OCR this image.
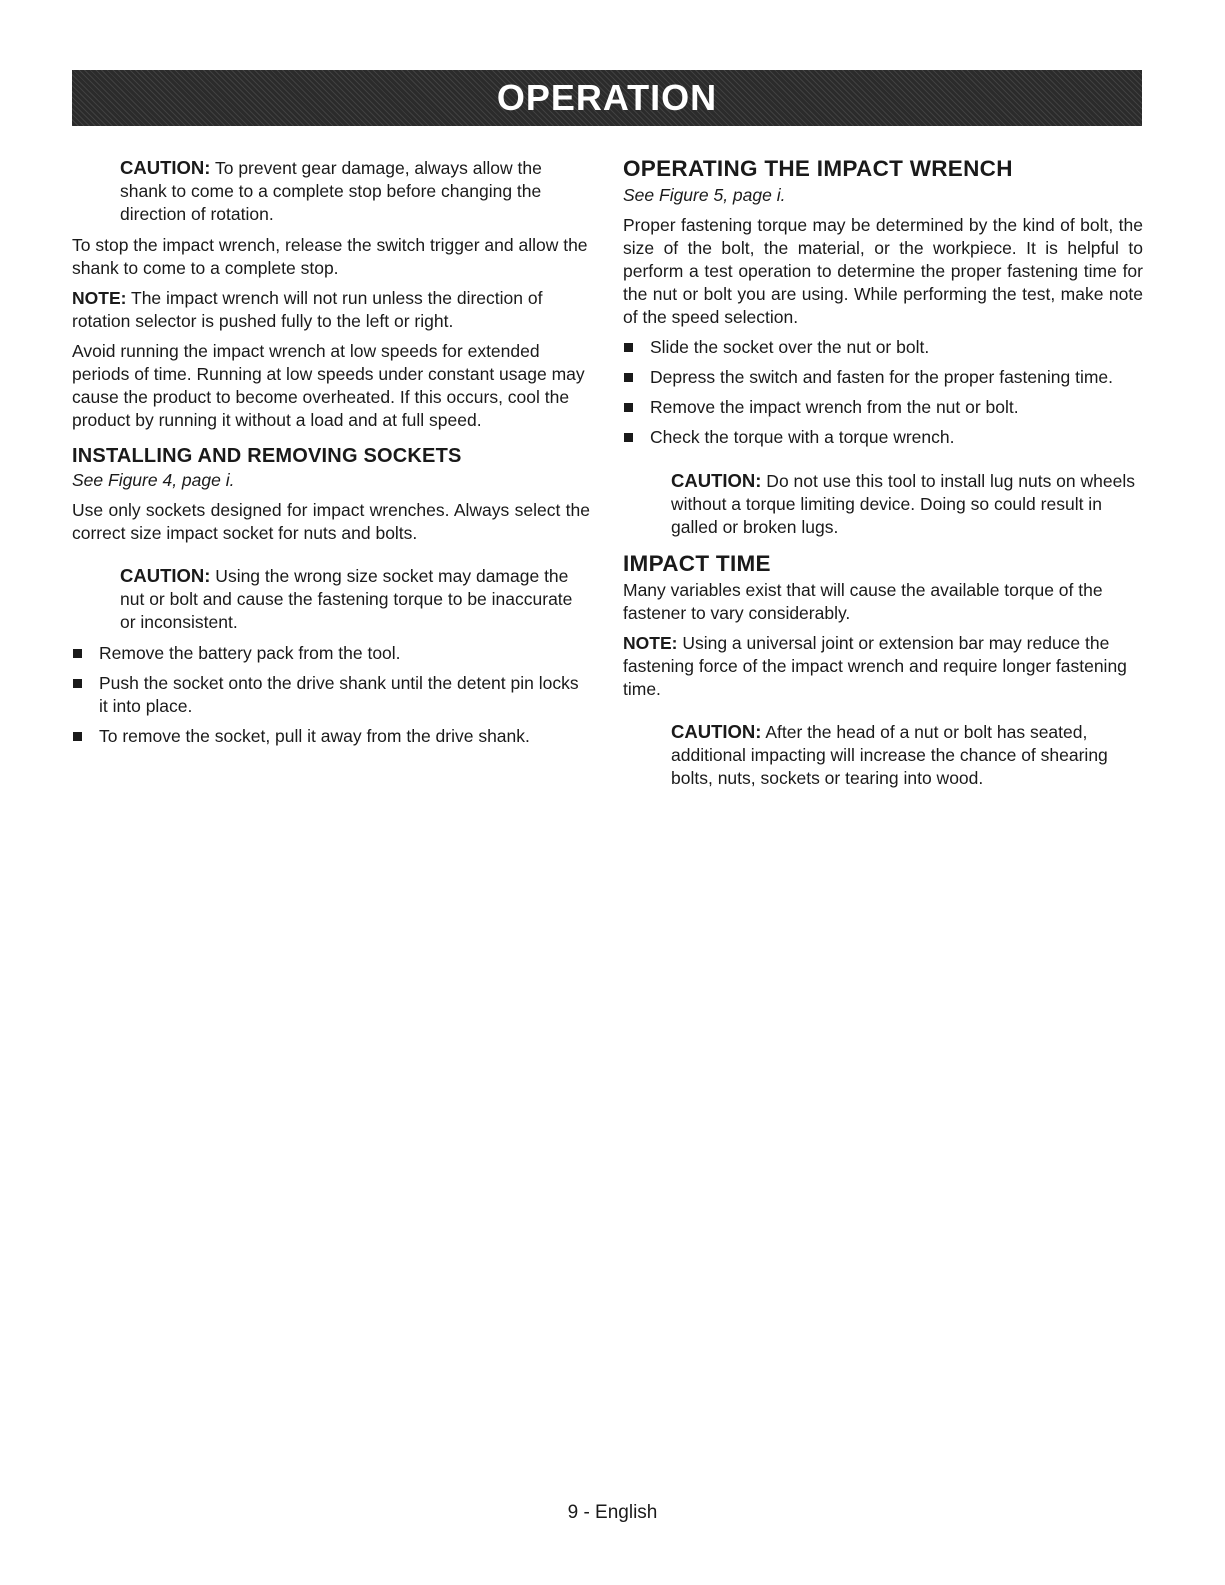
OPERATION

CAUTION: To prevent gear damage, always allow the shank to come to a complete stop before changing the direction of rotation.

To stop the impact wrench, release the switch trigger and allow the shank to come to a complete stop.

NOTE: The impact wrench will not run unless the direction of rotation selector is pushed fully to the left or right.

Avoid running the impact wrench at low speeds for extended periods of time. Running at low speeds under constant usage may cause the product to become overheated. If this occurs, cool the product by running it without a load and at full speed.

INSTALLING AND REMOVING SOCKETS

See Figure 4, page i.

Use only sockets designed for impact wrenches. Always select the correct size impact socket for nuts and bolts.

CAUTION: Using the wrong size socket may damage the nut or bolt and cause the fastening torque to be inaccurate or inconsistent.

Remove the battery pack from the tool.
Push the socket onto the drive shank until the detent pin locks it into place.
To remove the socket, pull it away from the drive shank.
OPERATING THE IMPACT WRENCH

See Figure 5, page i.

Proper fastening torque may be determined by the kind of bolt, the size of the bolt, the material, or the workpiece. It is helpful to perform a test operation to determine the proper fastening time for the nut or bolt you are using. While performing the test, make note of the speed selection.

Slide the socket over the nut or bolt.
Depress the switch and fasten for the proper fastening time.
Remove the impact wrench from the nut or bolt.
Check the torque with a torque wrench.

CAUTION: Do not use this tool to install lug nuts on wheels without a torque limiting device. Doing so could result in galled or broken lugs.

IMPACT TIME

Many variables exist that will cause the available torque of the fastener to vary considerably.

NOTE: Using a universal joint or extension bar may reduce the fastening force of the impact wrench and require longer fastening time.

CAUTION: After the head of a nut or bolt has seated, additional impacting will increase the chance of shearing bolts, nuts, sockets or tearing into wood.

9 - English
